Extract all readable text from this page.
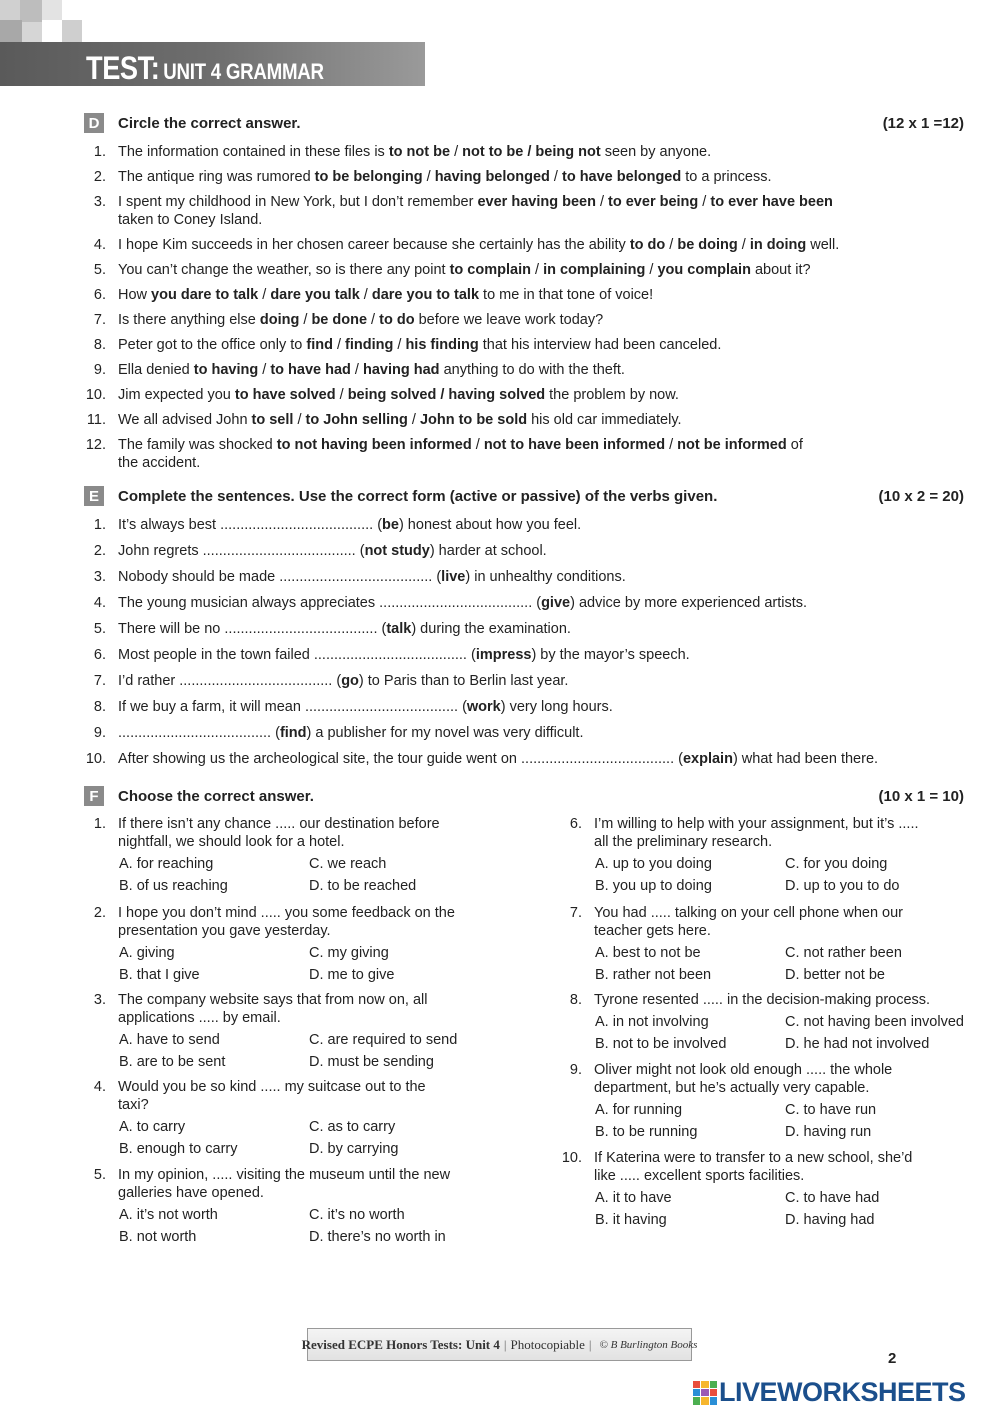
TEST: UNIT 4 GRAMMAR
D	Circle the correct answer.	(12 x 1 =12)
1. The information contained in these files is to not be / not to be / being not seen by anyone.
2. The antique ring was rumored to be belonging / having belonged / to have belonged to a princess.
3. I spent my childhood in New York, but I don’t remember ever having been / to ever being / to ever have been
taken to Coney Island.
4. I hope Kim succeeds in her chosen career because she certainly has the ability to do / be doing / in doing well.
5. You can’t change the weather, so is there any point to complain / in complaining / you complain about it?
6. How you dare to talk / dare you talk / dare you to talk to me in that tone of voice!
7. Is there anything else doing / be done / to do before we leave work today?
8. Peter got to the office only to find / finding / his finding that his interview had been canceled.
9. Ella denied to having / to have had / having had anything to do with the theft.
10. Jim expected you to have solved / being solved / having solved the problem by now.
11. We all advised John to sell / to John selling / John to be sold his old car immediately.
12. The family was shocked to not having been informed / not to have been informed / not be informed of
the accident.
E	Complete the sentences. Use the correct form (active or passive) of the verbs given.	(10 x 2 = 20)
1. It’s always best ...................................... (be) honest about how you feel.
2. John regrets ...................................... (not study) harder at school.
3. Nobody should be made ...................................... (live) in unhealthy conditions.
4. The young musician always appreciates ...................................... (give) advice by more experienced artists.
5. There will be no ...................................... (talk) during the examination.
6. Most people in the town failed ...................................... (impress) by the mayor’s speech.
7. I’d rather ...................................... (go) to Paris than to Berlin last year.
8. If we buy a farm, it will mean ...................................... (work) very long hours.
9. ...................................... (find) a publisher for my novel was very difficult.
10. After showing us the archeological site, the tour guide went on ...................................... (explain) what had been there.
F	Choose the correct answer.	(10 x 1 = 10)
1. If there isn’t any chance ..... our destination before
nightfall, we should look for a hotel.
A. for reaching	C. we reach
B. of us reaching	D. to be reached
2. I hope you don’t mind ..... you some feedback on the
presentation you gave yesterday.
A. giving	C. my giving
B. that I give	D. me to give
3. The company website says that from now on, all
applications ..... by email.
A. have to send	C. are required to send
B. are to be sent	D. must be sending
4. Would you be so kind ..... my suitcase out to the
taxi?
A. to carry	C. as to carry
B. enough to carry	D. by carrying
5. In my opinion, ..... visiting the museum until the new
galleries have opened.
A. it’s not worth	C. it’s no worth
B. not worth	D. there’s no worth in
6. I’m willing to help with your assignment, but it’s .....
all the preliminary research.
A. up to you doing	C. for you doing
B. you up to doing	D. up to you to do
7. You had ..... talking on your cell phone when our
teacher gets here.
A. best to not be	C. not rather been
B. rather not been	D. better not be
8. Tyrone resented ..... in the decision-making process.
A. in not involving	C. not having been involved
B. not to be involved	D. he had not involved
9. Oliver might not look old enough ..... the whole
department, but he’s actually very capable.
A. for running	C. to have run
B. to be running	D. having run
10. If Katerina were to transfer to a new school, she’d
like ..... excellent sports facilities.
A. it to have	C. to have had
B. it having	D. having had
Revised ECPE Honors Tests: Unit 4 | Photocopiable | © B Burlington Books
2
LIVEWORKSHEETS
